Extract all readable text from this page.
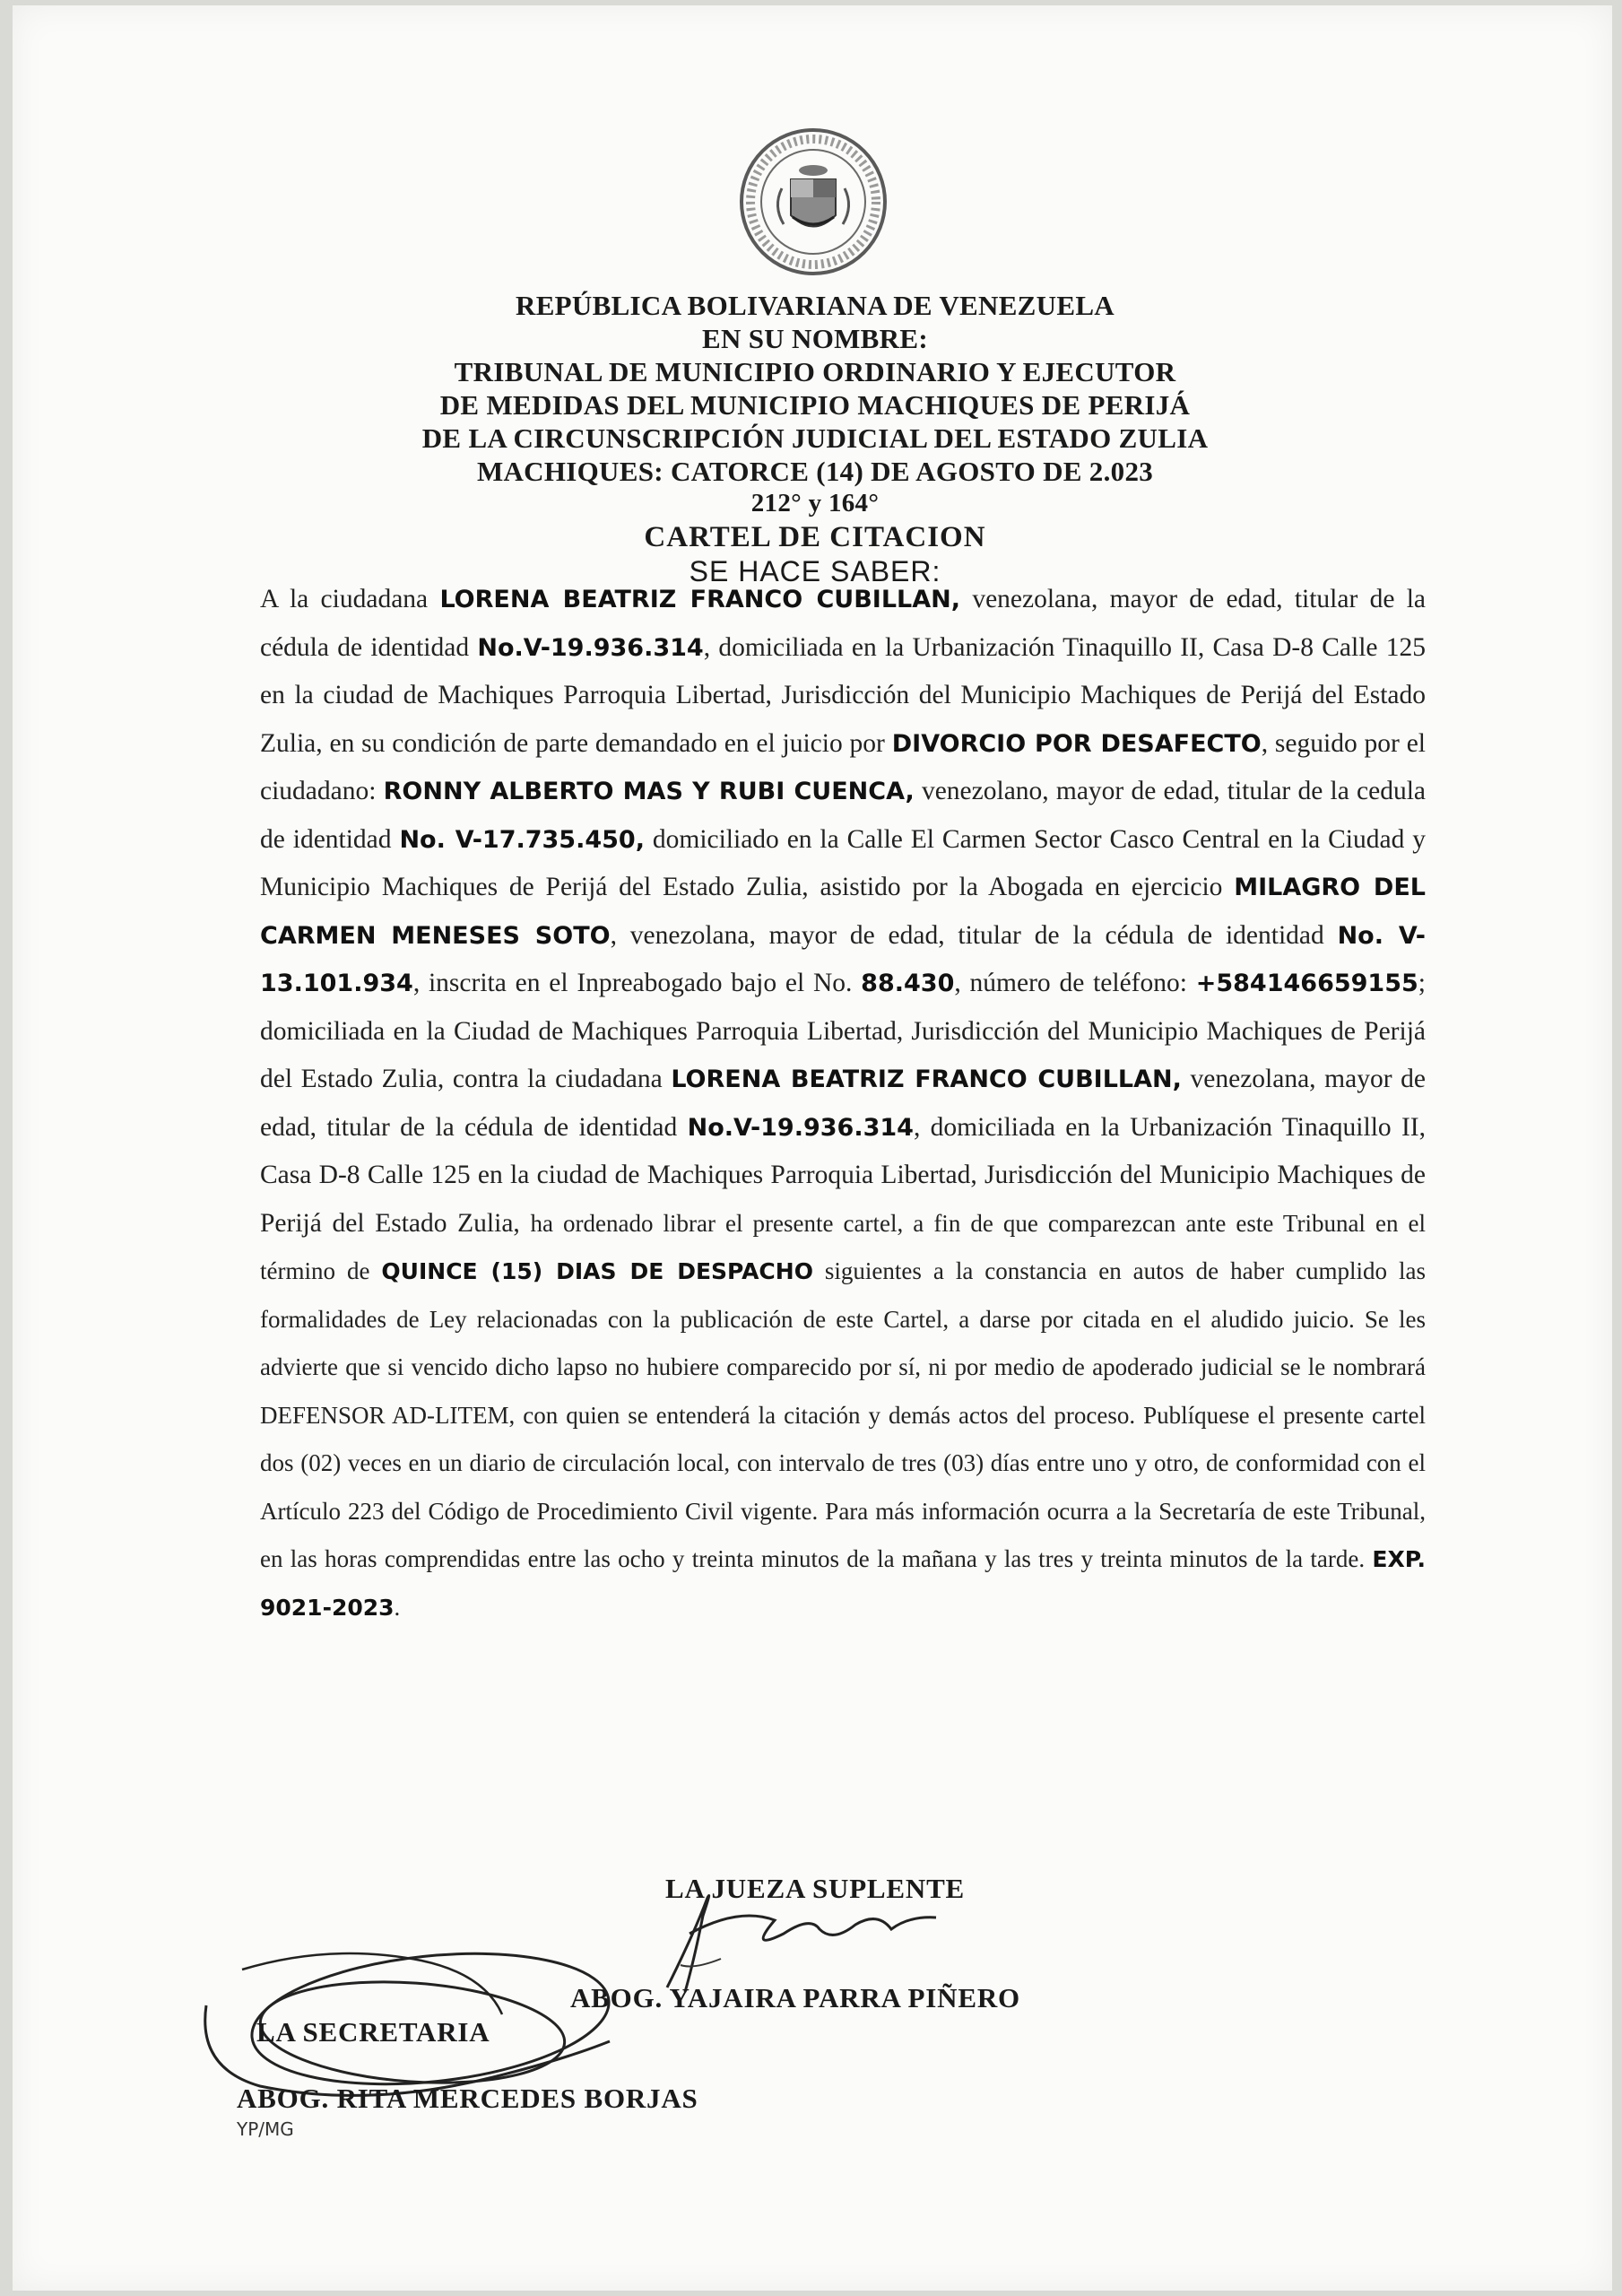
REPÚBLICA BOLIVARIANA DE VENEZUELA
EN SU NOMBRE:
TRIBUNAL DE MUNICIPIO ORDINARIO Y EJECUTOR
DE MEDIDAS DEL MUNICIPIO MACHIQUES DE PERIJÁ
DE LA CIRCUNSCRIPCIÓN JUDICIAL DEL ESTADO ZULIA
MACHIQUES: CATORCE (14) DE AGOSTO DE 2.023
212° y 164°
CARTEL DE CITACION
SE HACE SABER:
A la ciudadana LORENA BEATRIZ FRANCO CUBILLAN, venezolana, mayor de edad, titular de la cédula de identidad No.V-19.936.314, domiciliada en la Urbanización Tinaquillo II, Casa D-8 Calle 125 en la ciudad de Machiques Parroquia Libertad, Jurisdicción del Municipio Machiques de Perijá del Estado Zulia, en su condición de parte demandado en el juicio por DIVORCIO POR DESAFECTO, seguido por el ciudadano: RONNY ALBERTO MAS Y RUBI CUENCA, venezolano, mayor de edad, titular de la cedula de identidad No. V-17.735.450, domiciliado en la Calle El Carmen Sector Casco Central en la Ciudad y Municipio Machiques de Perijá del Estado Zulia, asistido por la Abogada en ejercicio MILAGRO DEL CARMEN MENESES SOTO, venezolana, mayor de edad, titular de la cédula de identidad No. V-13.101.934, inscrita en el Inpreabogado bajo el No. 88.430, número de teléfono: +584146659155; domiciliada en la Ciudad de Machiques Parroquia Libertad, Jurisdicción del Municipio Machiques de Perijá del Estado Zulia, contra la ciudadana LORENA BEATRIZ FRANCO CUBILLAN, venezolana, mayor de edad, titular de la cédula de identidad No.V-19.936.314, domiciliada en la Urbanización Tinaquillo II, Casa D-8 Calle 125 en la ciudad de Machiques Parroquia Libertad, Jurisdicción del Municipio Machiques de Perijá del Estado Zulia, ha ordenado librar el presente cartel, a fin de que comparezcan ante este Tribunal en el término de QUINCE (15) DIAS DE DESPACHO siguientes a la constancia en autos de haber cumplido las formalidades de Ley relacionadas con la publicación de este Cartel, a darse por citada en el aludido juicio. Se les advierte que si vencido dicho lapso no hubiere comparecido por sí, ni por medio de apoderado judicial se le nombrará DEFENSOR AD-LITEM, con quien se entenderá la citación y demás actos del proceso. Publíquese el presente cartel dos (02) veces en un diario de circulación local, con intervalo de tres (03) días entre uno y otro, de conformidad con el Artículo 223 del Código de Procedimiento Civil vigente. Para más información ocurra a la Secretaría de este Tribunal, en las horas comprendidas entre las ocho y treinta minutos de la mañana y las tres y treinta minutos de la tarde. EXP. 9021-2023.
LA JUEZA SUPLENTE
ABOG. YAJAIRA PARRA PIÑERO
LA SECRETARIA
ABOG. RITA MERCEDES BORJAS
YP/MG
